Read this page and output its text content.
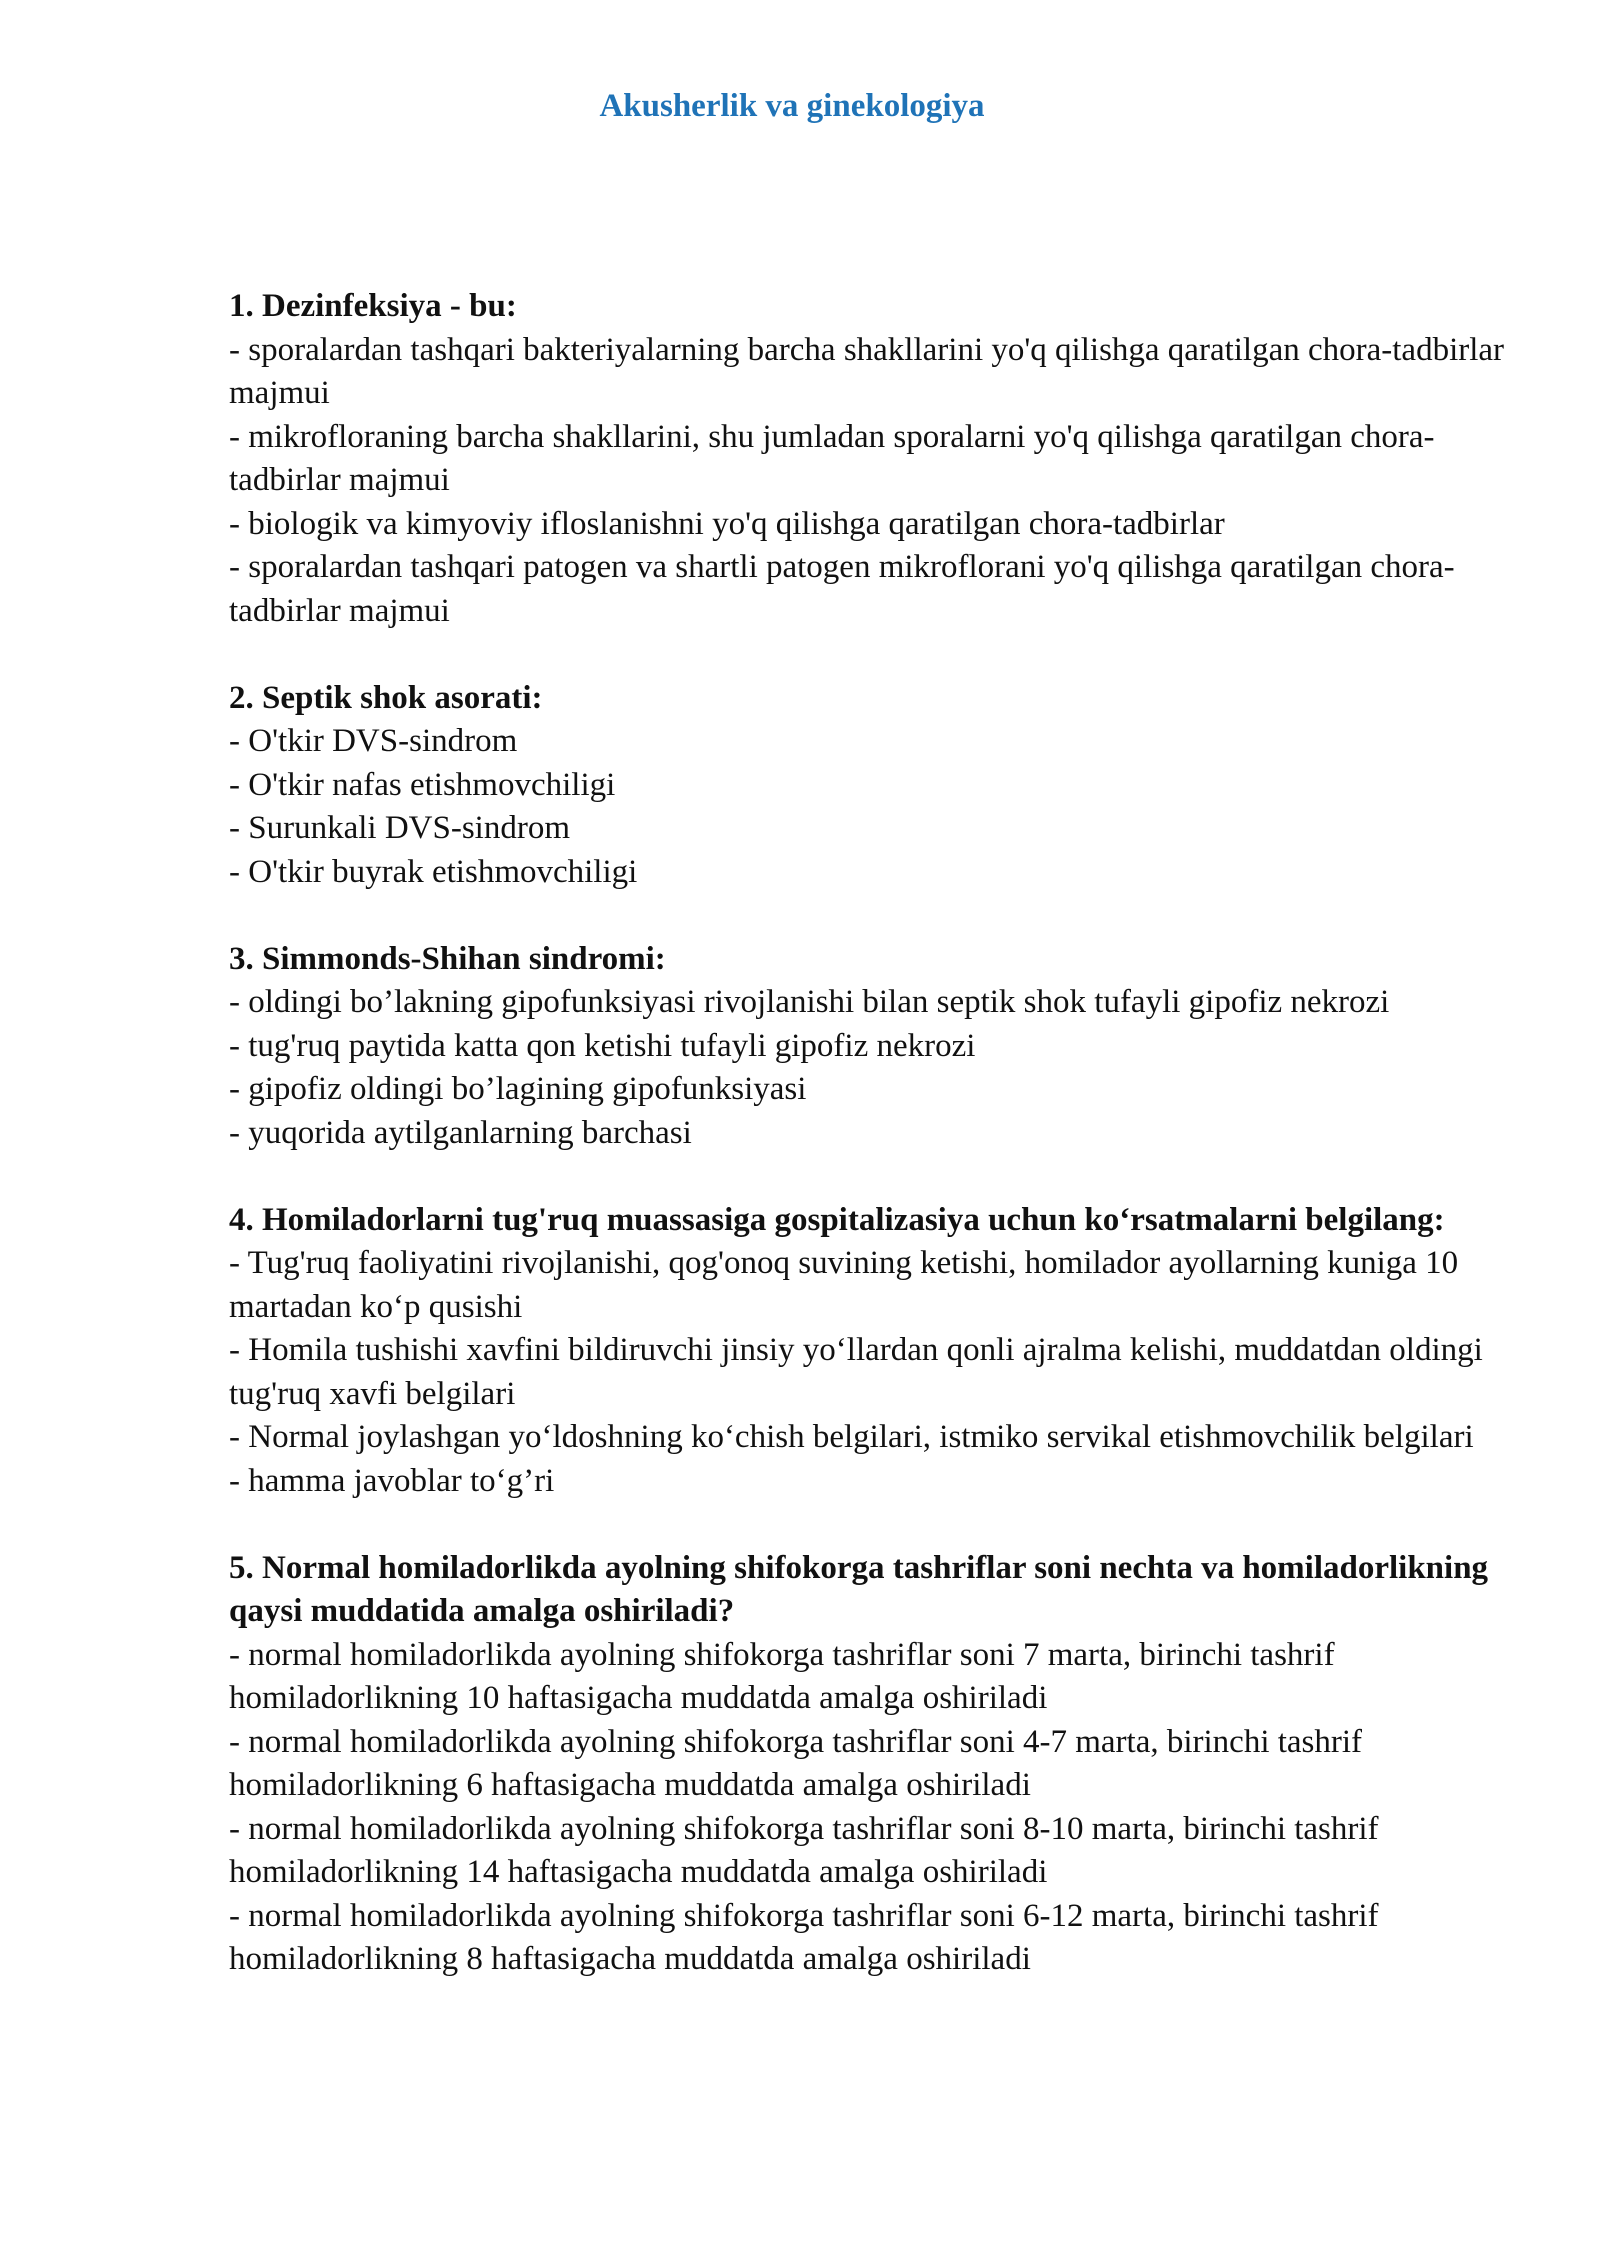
Akusherlik va ginekologiya

1 . Dezinfeksiya - bu:

- sporalardan tashqari bakteriyalarning barcha shakllarini yo'q qilishga qaratilgan chora-tadbirlar majmui
- mikrofloraning barcha shakllarini, shu jumladan sporalarni yo'q qilishga qaratilgan chora-tadbirlar majmui
- biologik va kimyoviy ifloslanishni yo'q qilishga qaratilgan chora-tadbirlar
- sporalardan tashqari patogen va shartli patogen mikroflorani yo'q qilishga qaratilgan chora-tadbirlar majmui

2 . Septik shok asorati:

- O'tkir DVS-sindrom
- O'tkir nafas etishmovchiligi
- Surunkali DVS-sindrom
- O'tkir buyrak etishmovchiligi

3 . Simmonds-Shihan sindromi:

- oldingi bo’lakning gipofunksiyasi rivojlanishi bilan septik shok tufayli gipofiz nekrozi
- tug'ruq paytida katta qon ketishi tufayli gipofiz nekrozi
- gipofiz oldingi bo’lagining gipofunksiyasi
- yuqorida aytilganlarning barchasi

4 . Homiladorlarni tug'ruq muassasiga gospitalizasiya uchun ko‘rsatmalarni belgilang:

- Tug'ruq faoliyatini rivojlanishi, qog'onoq suvining ketishi, homilador ayollarning kuniga 10 martadan ko‘p qusishi
- Homila tushishi xavfini bildiruvchi jinsiy yo‘llardan qonli ajralma kelishi, muddatdan oldingi tug'ruq xavfi belgilari
- Normal joylashgan yo‘ldoshning ko‘chish belgilari, istmiko servikal etishmovchilik belgilari
- hamma javoblar to‘g’ri

5 . Normal homiladorlikda ayolning shifokorga tashriflar soni nechta va homiladorlikning qaysi muddatida amalga oshiriladi?

- normal homiladorlikda ayolning shifokorga tashriflar soni 7 marta, birinchi tashrif homiladorlikning 10 haftasigacha muddatda amalga oshiriladi
- normal homiladorlikda ayolning shifokorga tashriflar soni 4-7 marta, birinchi tashrif homiladorlikning 6 haftasigacha muddatda amalga oshiriladi
- normal homiladorlikda ayolning shifokorga tashriflar soni 8-10 marta, birinchi tashrif homiladorlikning 14 haftasigacha muddatda amalga oshiriladi
- normal homiladorlikda ayolning shifokorga tashriflar soni 6-12 marta, birinchi tashrif homiladorlikning 8 haftasigacha muddatda amalga oshiriladi
